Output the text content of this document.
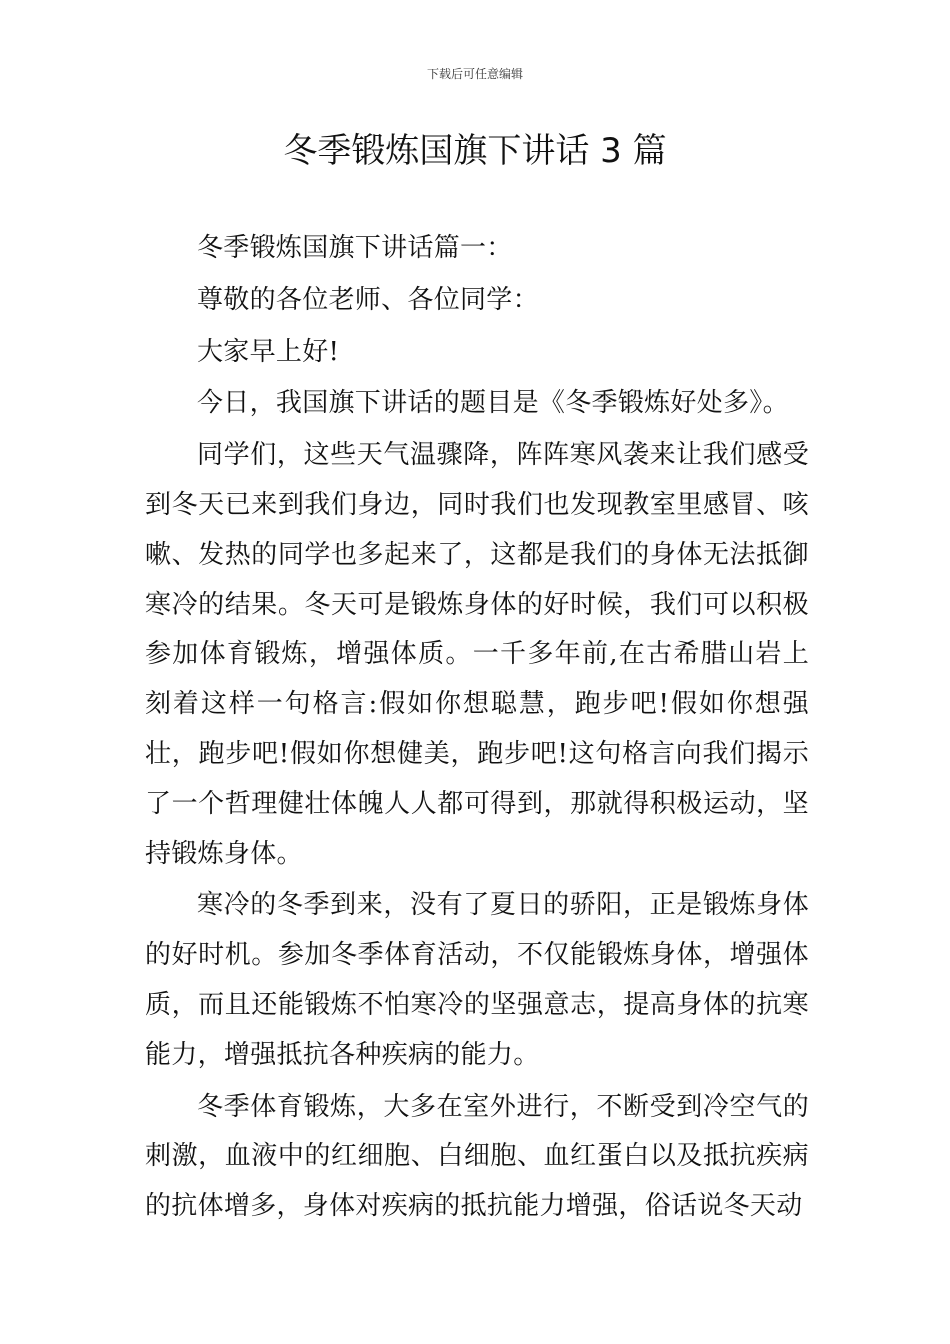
下载后可任意编辑
冬季锻炼国旗下讲话 3 篇

冬季锻炼国旗下讲话篇一：

尊敬的各位老师、各位同学：

大家早上好!

今日，我国旗下讲话的题目是《冬季锻炼好处多》。

同学们，这些天气温骤降，阵阵寒风袭来让我们感受到冬天已来到我们身边，同时我们也发现教室里感冒、咳嗽、发热的同学也多起来了，这都是我们的身体无法抵御寒冷的结果。冬天可是锻炼身体的好时候，我们可以积极参加体育锻炼，增强体质。一千多年前,在古希腊山岩上刻着这样一句格言:假如你想聪慧，跑步吧!假如你想强壮，跑步吧!假如你想健美，跑步吧!这句格言向我们揭示了一个哲理健壮体魄人人都可得到，那就得积极运动，坚持锻炼身体。

寒冷的冬季到来，没有了夏日的骄阳，正是锻炼身体的好时机。参加冬季体育活动，不仅能锻炼身体，增强体质，而且还能锻炼不怕寒冷的坚强意志，提高身体的抗寒能力，增强抵抗各种疾病的能力。

冬季体育锻炼，大多在室外进行，不断受到冷空气的刺激，血液中的红细胞、白细胞、血红蛋白以及抵抗疾病的抗体增多，身体对疾病的抵抗能力增强，俗话说冬天动
